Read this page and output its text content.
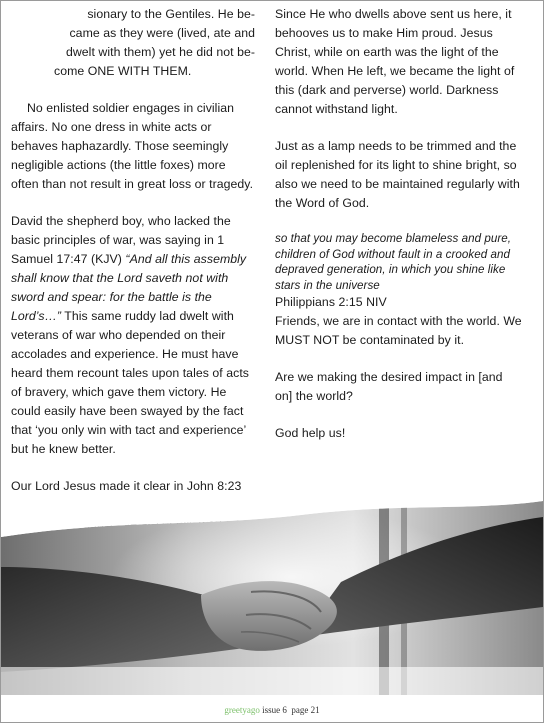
sionary to the Gentiles. He be-

came as they were (lived, ate and

dwelt with them) yet he did not be-

come ONE WITH THEM.

No enlisted soldier engages in civilian affairs. No one dress in white acts or behaves haphazardly. Those seemingly negligible actions (the little foxes) more often than not result in great loss or tragedy.

David the shepherd boy, who lacked the basic principles of war, was saying in 1 Samuel 17:47 (KJV) “And all this assembly shall know that the Lord saveth not with sword and spear: for the battle is the Lord’s…” This same ruddy lad dwelt with veterans of war who depended on their accolades and experience. He must have heard them recount tales upon tales of acts of bravery, which gave them victory. He could easily have been swayed by the fact that ‘you only win with tact and experience’ but he knew better.

Our Lord Jesus made it clear in John 8:23

Since He who dwells above sent us here, it behooves us to make Him proud. Jesus Christ, while on earth was the light of the world. When He left, we became the light of this (dark and perverse) world. Darkness cannot withstand light.

Just as a lamp needs to be trimmed and the oil replenished for its light to shine bright, so also we need to be maintained regularly with the Word of God.

so that you may become blameless and pure, children of God without fault in a crooked and depraved generation, in which you shine like stars in the universe

Philippians 2:15 NIV

Friends, we are in contact with the world. We MUST NOT be contaminated by it.

Are we making the desired impact in [and on] the world?

God help us!

greetyago issue 6 page 21
